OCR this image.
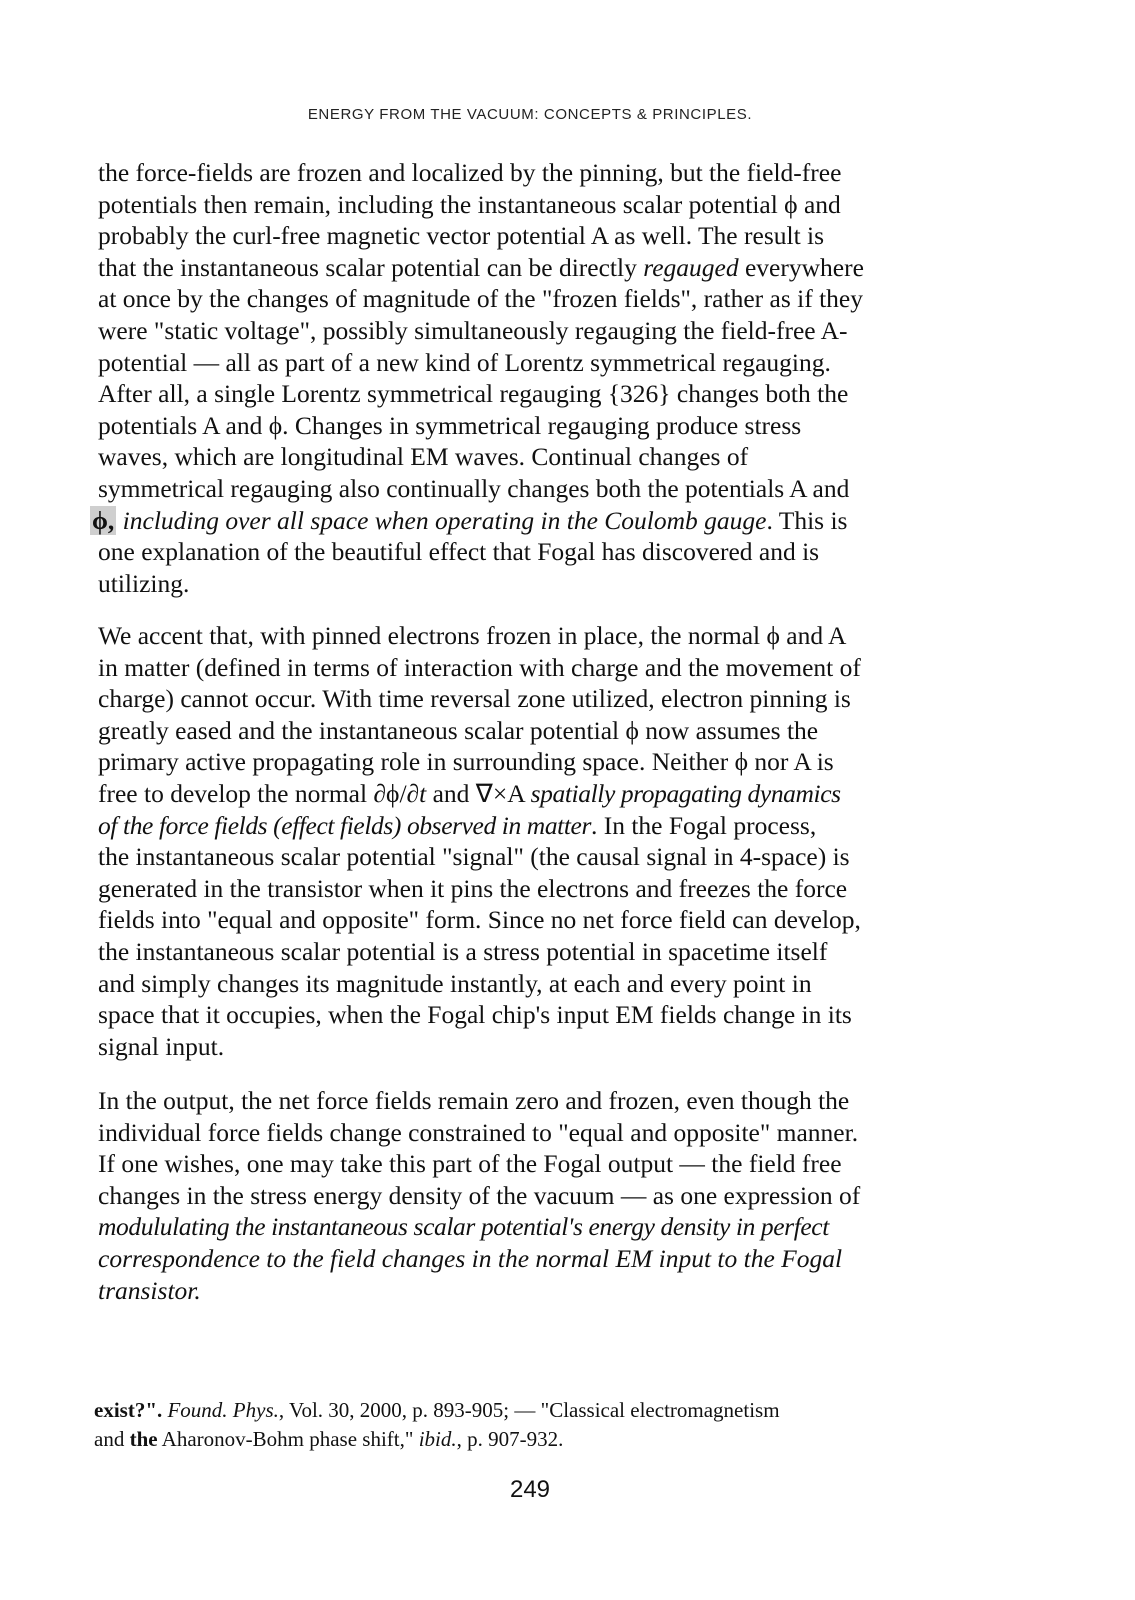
ENERGY FROM THE VACUUM: CONCEPTS & PRINCIPLES.
the force-fields are frozen and localized by the pinning, but the field-free
potentials then remain, including the instantaneous scalar potential ϕ and
probably the curl-free magnetic vector potential A as well. The result is
that the instantaneous scalar potential can be directly regauged everywhere
at once by the changes of magnitude of the "frozen fields", rather as if they
were "static voltage", possibly simultaneously regauging the field-free A-
potential — all as part of a new kind of Lorentz symmetrical regauging.
After all, a single Lorentz symmetrical regauging {326} changes both the
potentials A and ϕ. Changes in symmetrical regauging produce stress
waves, which are longitudinal EM waves. Continual changes of
symmetrical regauging also continually changes both the potentials A and
ϕ, including over all space when operating in the Coulomb gauge. This is
one explanation of the beautiful effect that Fogal has discovered and is
utilizing.
We accent that, with pinned electrons frozen in place, the normal ϕ and A
in matter (defined in terms of interaction with charge and the movement of
charge) cannot occur. With time reversal zone utilized, electron pinning is
greatly eased and the instantaneous scalar potential ϕ now assumes the
primary active propagating role in surrounding space. Neither ϕ nor A is
free to develop the normal ∂ϕ/∂t and ∇×A spatially propagating dynamics
of the force fields (effect fields) observed in matter. In the Fogal process,
the instantaneous scalar potential "signal" (the causal signal in 4-space) is
generated in the transistor when it pins the electrons and freezes the force
fields into "equal and opposite" form. Since no net force field can develop,
the instantaneous scalar potential is a stress potential in spacetime itself
and simply changes its magnitude instantly, at each and every point in
space that it occupies, when the Fogal chip's input EM fields change in its
signal input.
In the output, the net force fields remain zero and frozen, even though the
individual force fields change constrained to "equal and opposite" manner.
If one wishes, one may take this part of the Fogal output — the field free
changes in the stress energy density of the vacuum — as one expression of
modululating the instantaneous scalar potential's energy density in perfect
correspondence to the field changes in the normal EM input to the Fogal
transistor.
exist?". Found. Phys., Vol. 30, 2000, p. 893-905; — "Classical electromagnetism
and the Aharonov-Bohm phase shift," ibid., p. 907-932.
249
